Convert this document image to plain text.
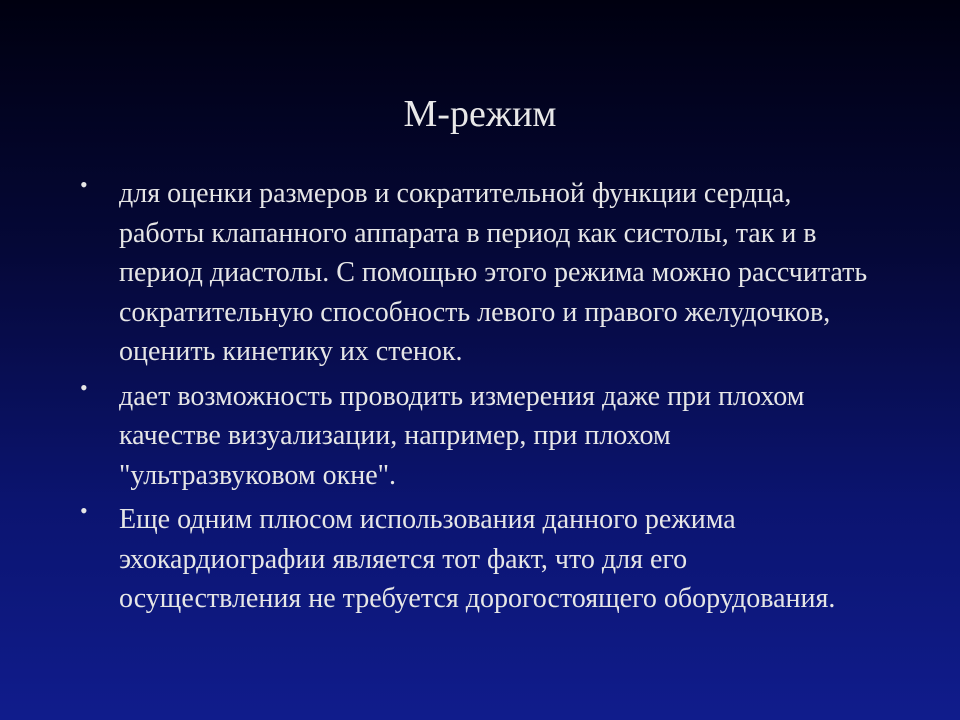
М-режим
• для оценки размеров и сократительной функции сердца, работы клапанного аппарата в период как систолы, так и в период диастолы. С помощью этого режима можно рассчитать сократительную способность левого и правого желудочков, оценить кинетику их стенок.
• дает возможность проводить измерения даже при плохом качестве визуализации, например, при плохом "ультразвуковом окне".
• Еще одним плюсом использования данного режима эхокардиографии является тот факт, что для его осуществления не требуется дорогостоящего оборудования.
